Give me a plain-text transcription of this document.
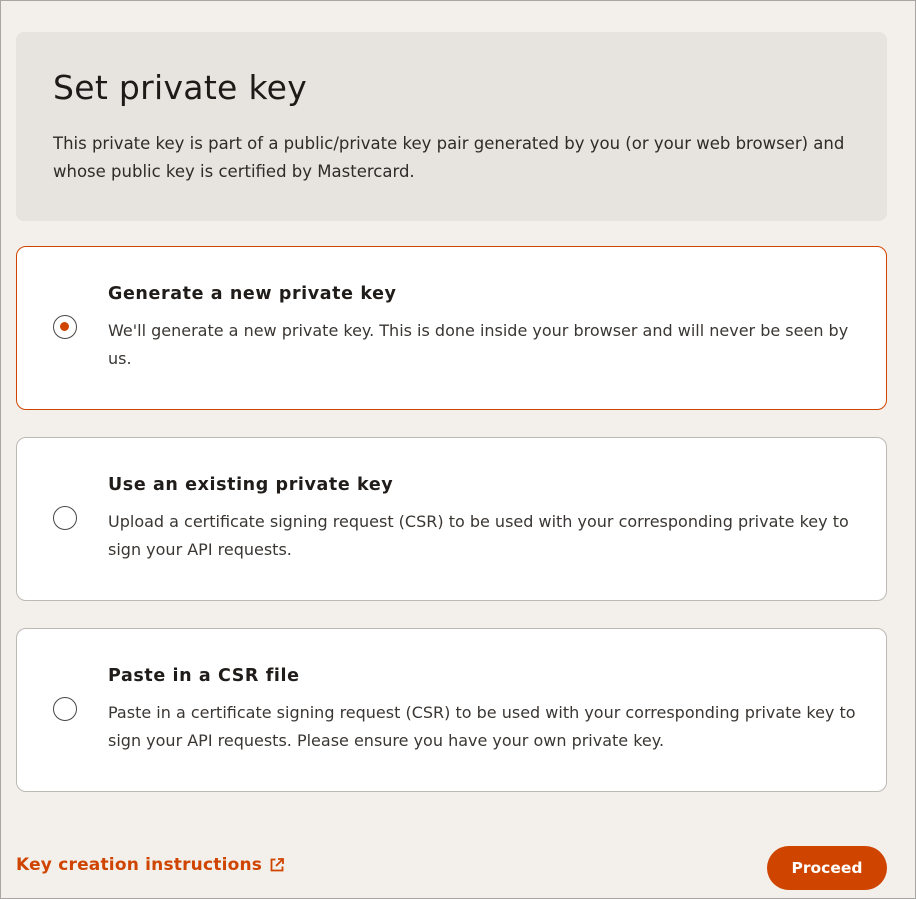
Set private key

This private key is part of a public/private key pair generated by you (or your web browser) and whose public key is certified by Mastercard.

Generate a new private key

We'll generate a new private key. This is done inside your browser and will never be seen by us.

Use an existing private key

Upload a certificate signing request (CSR) to be used with your corresponding private key to sign your API requests.

Paste in a CSR file

Paste in a certificate signing request (CSR) to be used with your corresponding private key to sign your API requests. Please ensure you have your own private key.

Key creation instructions	Proceed
